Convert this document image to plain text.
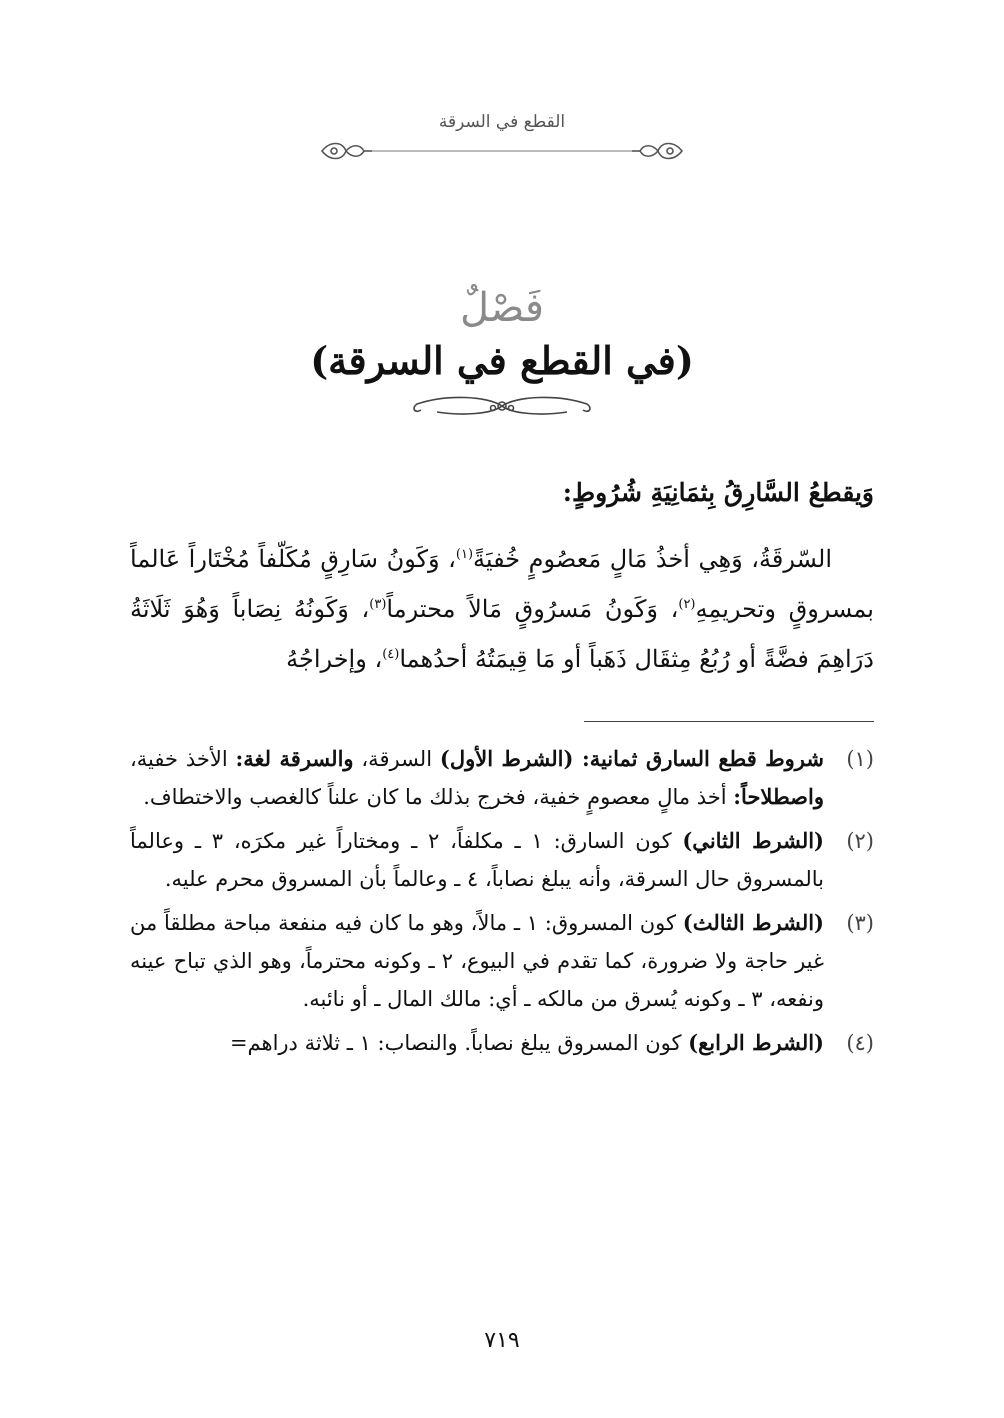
القطع في السرقة
فَصْلٌ
(في القطع في السرقة)

وَيقطعُ السَّارِقُ بِثمَانِيَةِ شُرُوطٍ:

السّرقَةُ، وَهِي أخذُ مَالٍ مَعصُومٍ خُفيَةً$^{(١)}$، وَكَونُ سَارِقٍ مُكَلّفاً مُخْتَاراً عَالماً بمسروقٍ وتحريمِهِ$^{(٢)}$، وَكَونُ مَسرُوقٍ مَالاً محترماً$^{(٣)}$، وَكَونُهُ نِصَاباً وَهُوَ ثَلَاثَةُ دَرَاهِمَ فضَّةً أو رُبُعُ مِثقَال ذَهَباً أو مَا قِيمَتُهُ أحدُهما$^{(٤)}$، وإخراجُهُ

(١)
شروط قطع السارق ثمانية: (الشرط الأول) السرقة، والسرقة لغة: الأخذ خفية، واصطلاحاً: أخذ مالٍ معصومٍ خفية، فخرج بذلك ما كان علناً كالغصب والاختطاف.
(٢)
(الشرط الثاني) كون السارق: ١ ـ مكلفاً، ٢ ـ ومختاراً غير مكرَه، ٣ ـ وعالماً بالمسروق حال السرقة، وأنه يبلغ نصاباً، ٤ ـ وعالماً بأن المسروق محرم عليه.
(٣)
(الشرط الثالث) كون المسروق: ١ ـ مالاً، وهو ما كان فيه منفعة مباحة مطلقاً من غير حاجة ولا ضرورة، كما تقدم في البيوع، ٢ ـ وكونه محترماً، وهو الذي تباح عينه ونفعه، ٣ ـ وكونه يُسرق من مالكه ـ أي: مالك المال ـ أو نائبه.
(٤)
(الشرط الرابع) كون المسروق يبلغ نصاباً. والنصاب: ١ ـ ثلاثة دراهم=
٧١٩
